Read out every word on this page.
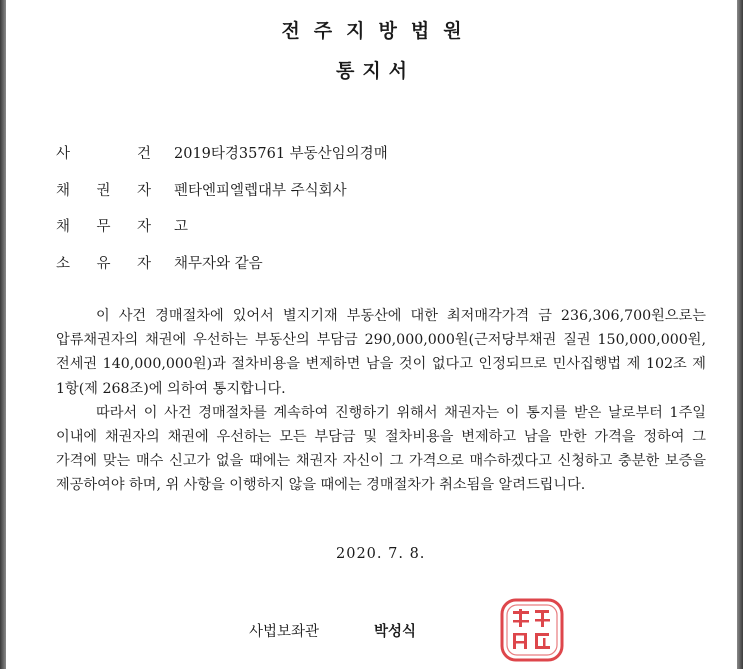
전주지방법원
통지서
사	건 2019타경35761 부동산임의경매
채 권 자 펜타엔피엘렙대부 주식회사
채 무 자 고
소 유 자 채무자와 같음

이 사건 경매절차에 있어서 별지기재 부동산에 대한 최저매각가격 금 236,306,700원으로는 압류채권자의 채권에 우선하는 부동산의 부담금 290,000,000원(근저당부채권 질권 150,000,000원, 전세권 140,000,000원)과 절차비용을 변제하면 남을 것이 없다고 인정되므로 민사집행법 제 102조 제 1항(제 268조)에 의하여 통지합니다.

따라서 이 사건 경매절차를 계속하여 진행하기 위해서 채권자는 이 통지를 받은 날로부터 1주일 이내에 채권자의 채권에 우선하는 모든 부담금 및 절차비용을 변제하고 남을 만한 가격을 정하여 그 가격에 맞는 매수 신고가 없을 때에는 채권자 자신이 그 가격으로 매수하겠다고 신청하고 충분한 보증을 제공하여야 하며, 위 사항을 이행하지 않을 때에는 경매절차가 취소됨을 알려드립니다.

2020. 7. 8.
사법보좌관	박성식
